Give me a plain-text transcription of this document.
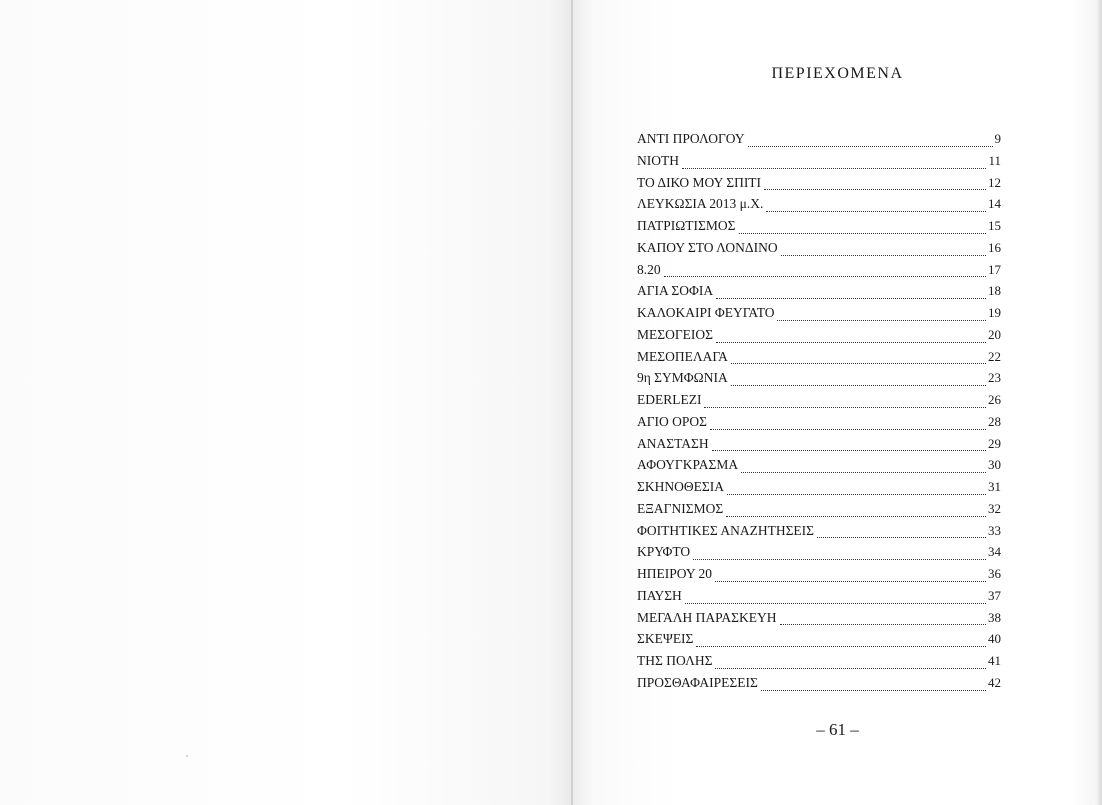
ΠΕΡΙΕΧΟΜΕΝΑ
ΑΝΤΙ ΠΡΟΛΟΓΟΥ	9
ΝΙΟΤΗ	11
ΤΟ ΔΙΚΟ ΜΟΥ ΣΠΙΤΙ	12
ΛΕΥΚΩΣΙΑ 2013 μ.Χ.	14
ΠΑΤΡΙΩΤΙΣΜΟΣ	15
ΚΑΠΟΥ ΣΤΟ ΛΟΝΔΙΝΟ	16
8.20	17
ΑΓΙΑ ΣΟΦΙΑ	18
ΚΑΛΟΚΑΙΡΙ ΦΕΥΓΑΤΟ	19
ΜΕΣΟΓΕΙΟΣ	20
ΜΕΣΟΠΕΛΑΓΑ	22
9η ΣΥΜΦΩΝΙΑ	23
EDERLEZI	26
ΑΓΙΟ ΟΡΟΣ	28
ΑΝΑΣΤΑΣΗ	29
ΑΦΟΥΓΚΡΑΣΜΑ	30
ΣΚΗΝΟΘΕΣΙΑ	31
ΕΞΑΓΝΙΣΜΟΣ	32
ΦΟΙΤΗΤΙΚΕΣ ΑΝΑΖΗΤΗΣΕΙΣ	33
ΚΡΥΦΤΟ	34
ΗΠΕΙΡΟΥ 20	36
ΠΑΥΣΗ	37
ΜΕΓΑΛΗ ΠΑΡΑΣΚΕΥΗ	38
ΣΚΕΨΕΙΣ	40
ΤΗΣ ΠΟΛΗΣ	41
ΠΡΟΣΘΑΦΑΙΡΕΣΕΙΣ	42
– 61 –
